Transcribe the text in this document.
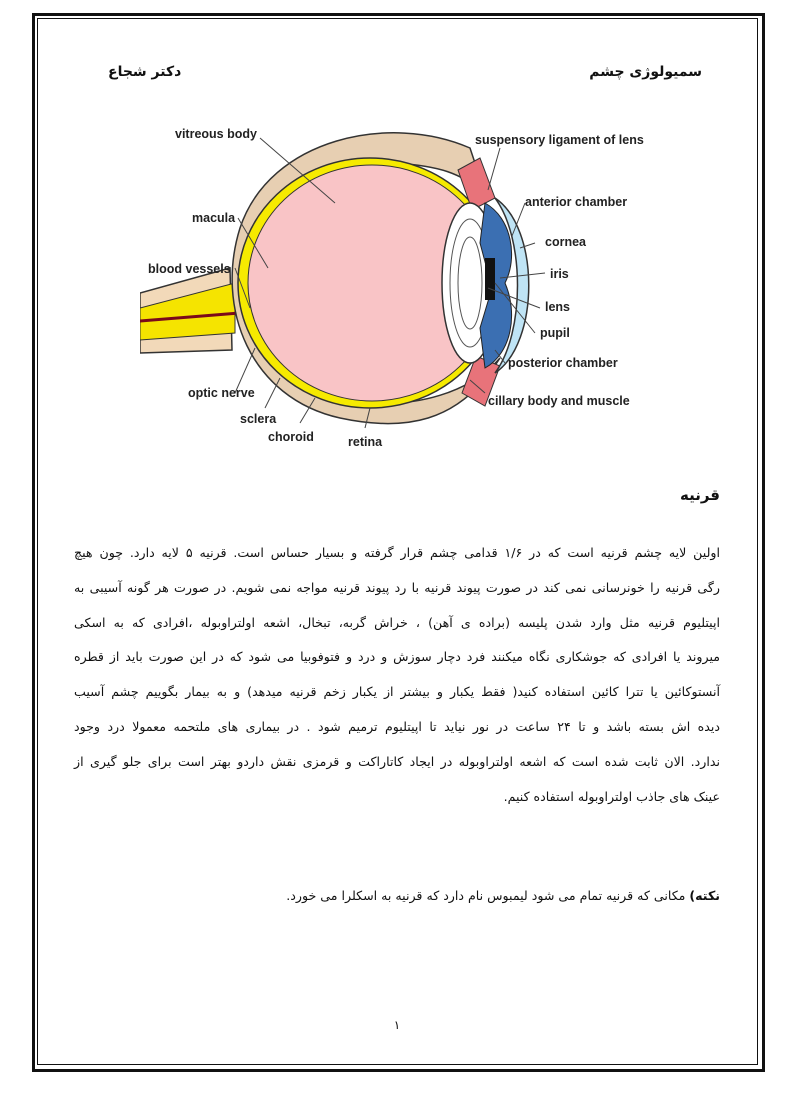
سمیولوژی چشم
دکتر شجاع
vitreous body	suspensory ligament of lens
anterior chamber
macula
cornea
blood vessels	iris
lens
pupil
posterior chamber
optic nerve
cillary body and muscle
sclera
choroid	retina
قرنیه
اولین لایه چشم قرنیه است که در ۱/۶ قدامی چشم قرار گرفته و بسیار حساس است. قرنیه ۵ لایه دارد. چون هیچ
رگی قرنیه را خونرسانی نمی کند در صورت پیوند قرنیه با رد پیوند قرنیه مواجه نمی شویم. در صورت هر گونه آسیبی به
اپیتلیوم قرنیه مثل وارد شدن پلیسه (براده ی آهن) ، خراش گربه، تبخال، اشعه اولتراوبوله ،افرادی که به اسکی
میروند یا افرادی که جوشکاری نگاه میکنند فرد دچار سوزش و درد و فتوفوبیا می شود که در این صورت باید از قطره
آنستوکائین یا تترا کائین استفاده کنید( فقط یکبار و بیشتر از یکبار زخم قرنیه میدهد) و به بیمار بگوییم چشم آسیب
دیده اش بسته باشد و تا ۲۴ ساعت در نور نیاید تا اپیتلیوم ترمیم شود . در بیماری های ملتحمه معمولا درد وجود
ندارد. الان ثابت شده است که اشعه اولتراوبوله در ایجاد کاتاراکت و قرمزی نقش داردو بهتر است برای جلو گیری از
عینک های جاذب اولتراوبوله استفاده کنیم.
نکته) مکانی که قرنیه تمام می شود لیمبوس نام دارد که قرنیه به اسکلرا می خورد.
۱
